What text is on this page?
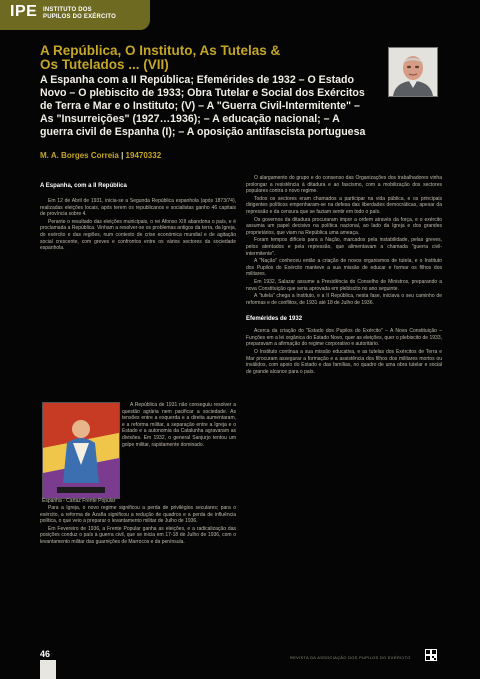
IPE INSTITUTO DOS
PUPILOS DO EXÉRCITO
A República, O Instituto, As Tutelas &
Os Tutelados ... (VII)
A Espanha com a II República; Efemérides de 1932 – O Estado Novo – O plebiscito de 1933; Obra Tutelar e Social dos Exércitos de Terra e Mar e o Instituto; (V) – A "Guerra Civil-Intermitente" – As "Insurreições" (1927…1936); – A educação nacional; – A guerra civil de Espanha (I); – A oposição antifascista portuguesa
M. A. Borges Correia | 19470332
A Espanha, com a II República

Em 12 de Abril de 1931, inicia-se a Segunda República espanhola (após 1873/74), realizadas eleições locais, após terem os republicanos e socialistas ganho 46 capitais de província sobre 4.

Perante o resultado das eleições municipais, o rei Afonso XIII abandona o país, e é proclamada a República. Vinham a resolver-se os problemas antigos da terra, da Igreja, do exército e das regiões, num contexto de crise económica mundial e de agitação social crescente, com greves e confrontos entre os vários sectores da sociedade espanhola.

Espanha - Cartaz Frente Popular

A República de 1931 não conseguiu resolver a questão agrária nem pacificar a sociedade. As tensões entre a esquerda e a direita aumentaram, e a reforma militar, a separação entre a Igreja e o Estado e a autonomia da Catalunha agravaram as divisões. Em 1932, o general Sanjurjo tentou um golpe militar, rapidamente dominado.

Para a Igreja, o novo regime significou a perda de privilégios seculares; para o exército, a reforma de Azaña significou a redução de quadros e a perda de influência política, o que veio a preparar o levantamento militar de Julho de 1936.

Em Fevereiro de 1936, a Frente Popular ganha as eleições, e a radicalização das posições conduz o país à guerra civil, que se inicia em 17-18 de Julho de 1936, com o levantamento militar das guarnições de Marrocos e da península.

O alargamento do grupo e do consenso das Organizações dos trabalhadores vinha prolongar a resistência à ditadura e ao fascismo, com a mobilização dos sectores populares contra o novo regime.

Todos os sectores eram chamados a participar na vida pública, e os principais dirigentes políticos empenharam-se na defesa das liberdades democráticas, apesar da repressão e da censura que se faziam sentir em todo o país.

Os governos da ditadura procuraram impor a ordem através da força, e o exército assumia um papel decisivo na política nacional, ao lado da Igreja e dos grandes proprietários, que viam na República uma ameaça.

Foram tempos difíceis para a Nação, marcados pela instabilidade, pelas greves, pelos atentados e pela repressão, que alimentavam a chamada "guerra civil-intermitente".

A "Nação" conheceu então a criação de novos organismos de tutela, e o Instituto dos Pupilos do Exército manteve a sua missão de educar e formar os filhos dos militares.

Em 1932, Salazar assume a Presidência do Conselho de Ministros, preparando a nova Constituição que seria aprovada em plebiscito no ano seguinte.

A "tutela" chega a Instituto, e a II República, nesta fase, iniciava o seu caminho de reformas e de conflitos, de 1931 até 18 de Julho de 1936.

Efemérides de 1932

Acerca da criação do "Estado dos Pupilos do Exército" – A Nova Constituição – Funções em a lei orgânica do Estado Novo, quer as eleições, quer o plebiscito de 1933, preparavam a afirmação do regime corporativo e autoritário.

O Instituto continua a sua missão educativa, e as tutelas dos Exércitos de Terra e Mar procuram assegurar a formação e a assistência dos filhos dos militares mortos ou inválidos, com apoio do Estado e das famílias, no quadro de uma obra tutelar e social de grande alcance para o país.

46	REVISTA DA ASSOCIAÇÃO DOS PUPILOS DO EXÉRCITO
